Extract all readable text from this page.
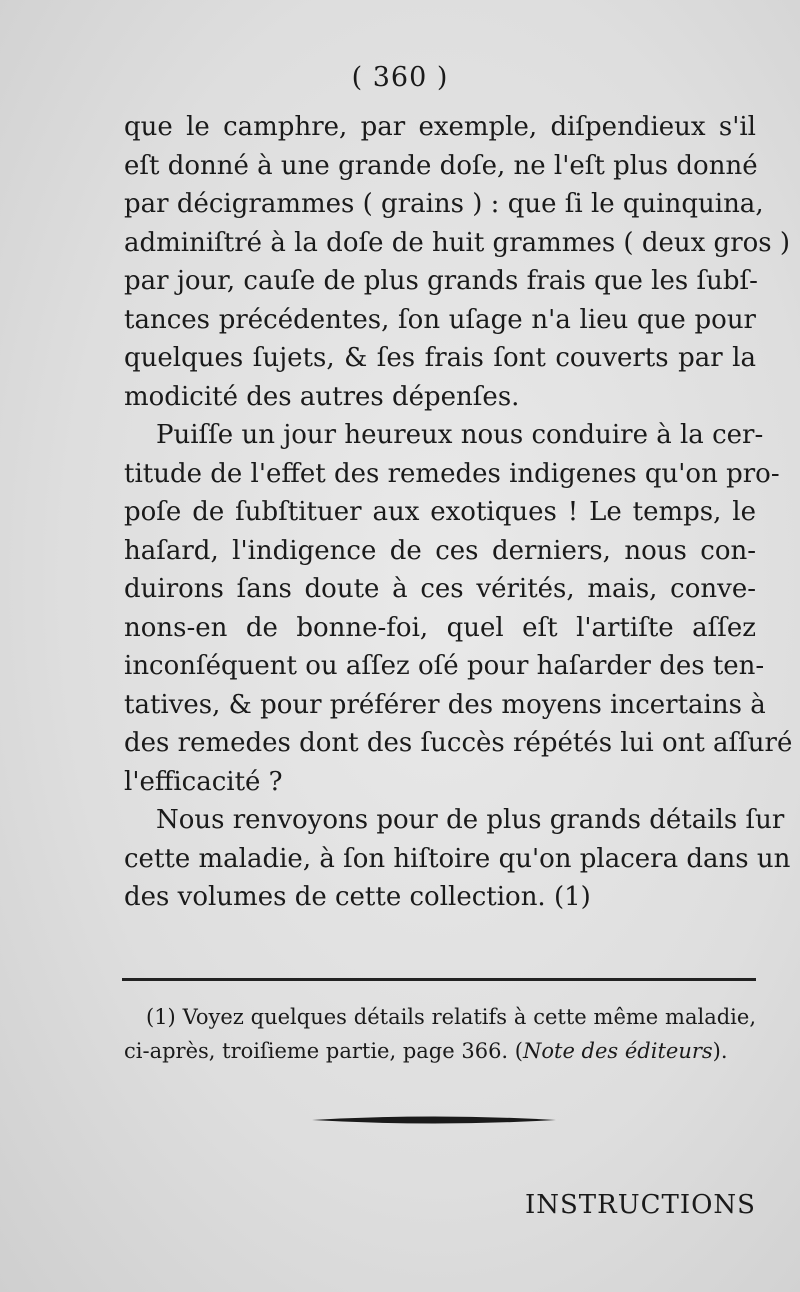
( 360 )
que le camphre, par exemple, diſpendieux s'il
eſt donné à une grande doſe, ne l'eſt plus donné
par décigrammes ( grains ) : que ſi le quinquina,
adminiſtré à la doſe de huit grammes ( deux gros )
par jour, cauſe de plus grands frais que les ſubſ-
tances précédentes, ſon uſage n'a lieu que pour
quelques ſujets, & ſes frais ſont couverts par la
modicité des autres dépenſes.
Puiſſe un jour heureux nous conduire à la cer-
titude de l'effet des remedes indigenes qu'on pro-
poſe de ſubſtituer aux exotiques ! Le temps, le
haſard, l'indigence de ces derniers, nous con-
duirons ſans doute à ces vérités, mais, conve-
nons-en de bonne-foi, quel eſt l'artiſte aſſez
inconſéquent ou aſſez oſé pour haſarder des ten-
tatives, & pour préférer des moyens incertains à
des remedes dont des ſuccès répétés lui ont aſſuré
l'efficacité ?
Nous renvoyons pour de plus grands détails ſur
cette maladie, à ſon hiſtoire qu'on placera dans un
des volumes de cette collection. (1)
(1) Voyez quelques détails relatifs à cette même maladie,
ci-après, troiſieme partie, page 366. (Note des éditeurs).
INSTRUCTIONS
